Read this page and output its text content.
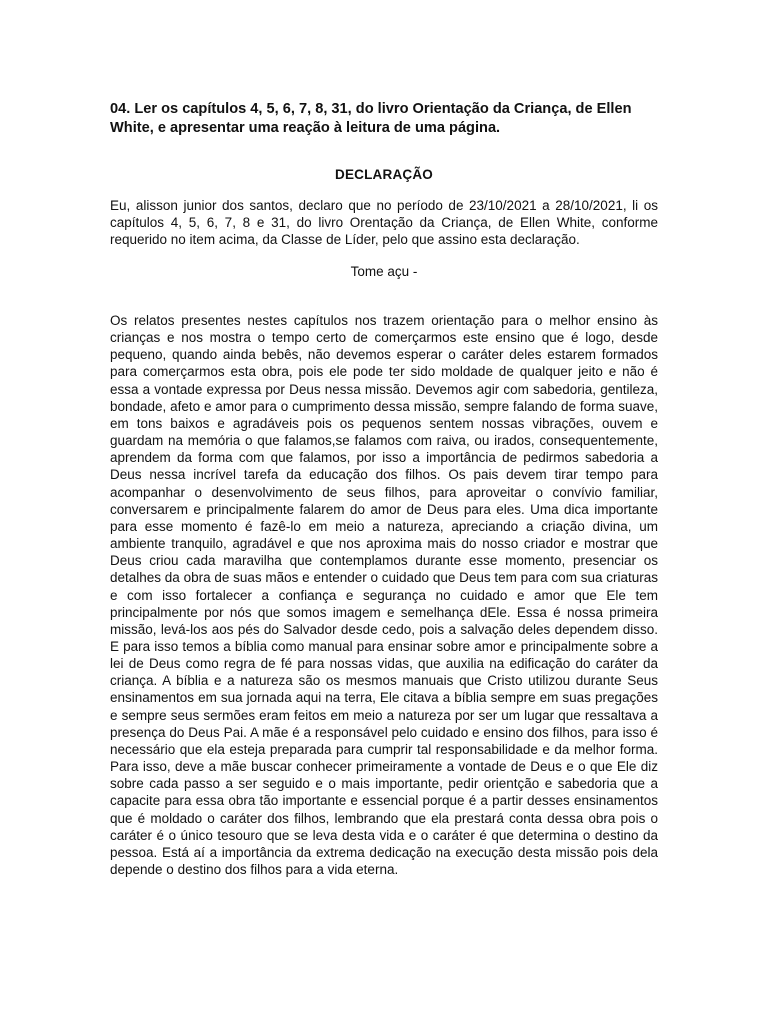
04. Ler os capítulos 4, 5, 6, 7, 8, 31, do livro Orientação da Criança, de Ellen White, e apresentar uma reação à leitura de uma página.

DECLARAÇÃO

Eu, alisson junior dos santos, declaro que no período de 23/10/2021 a 28/10/2021, li os capítulos 4, 5, 6, 7, 8 e 31, do livro Orentação da Criança, de Ellen White, conforme requerido no item acima, da Classe de Líder, pelo que assino esta declaração.

Tome açu -

Os relatos presentes nestes capítulos nos trazem orientação para o melhor ensino às crianças e nos mostra o tempo certo de comerçarmos este ensino que é logo, desde pequeno, quando ainda bebês, não devemos esperar o caráter deles estarem formados para comerçarmos esta obra, pois ele pode ter sido moldade de qualquer jeito e não é essa a vontade expressa por Deus nessa missão. Devemos agir com sabedoria, gentileza, bondade, afeto e amor para o cumprimento dessa missão, sempre falando de forma suave, em tons baixos e agradáveis pois os pequenos sentem nossas vibrações, ouvem e guardam na memória o que falamos,se falamos com raiva, ou irados, consequentemente, aprendem da forma com que falamos, por isso a importância de pedirmos sabedoria a Deus nessa incrível tarefa da educação dos filhos. Os pais devem tirar tempo para acompanhar o desenvolvimento de seus filhos, para aproveitar o convívio familiar, conversarem e principalmente falarem do amor de Deus para eles. Uma dica importante para esse momento é fazê-lo em meio a natureza, apreciando a criação divina, um ambiente tranquilo, agradável e que nos aproxima mais do nosso criador e mostrar que Deus criou cada maravilha que contemplamos durante esse momento, presenciar os detalhes da obra de suas mãos e entender o cuidado que Deus tem para com sua criaturas e com isso fortalecer a confiança e segurança no cuidado e amor que Ele tem principalmente por nós que somos imagem e semelhança dEle. Essa é nossa primeira missão, levá-los aos pés do Salvador desde cedo, pois a salvação deles dependem disso. E para isso temos a bíblia como manual para ensinar sobre amor e principalmente sobre a lei de Deus como regra de fé para nossas vidas, que auxilia na edificação do caráter da criança. A bíblia e a natureza são os mesmos manuais que Cristo utilizou durante Seus ensinamentos em sua jornada aqui na terra, Ele citava a bíblia sempre em suas pregações e sempre seus sermões eram feitos em meio a natureza por ser um lugar que ressaltava a presença do Deus Pai. A mãe é a responsável pelo cuidado e ensino dos filhos, para isso é necessário que ela esteja preparada para cumprir tal responsabilidade e da melhor forma. Para isso, deve a mãe buscar conhecer primeiramente a vontade de Deus e o que Ele diz sobre cada passo a ser seguido e o mais importante, pedir orientção e sabedoria que a capacite para essa obra tão importante e essencial porque é a partir desses ensinamentos que é moldado o caráter dos filhos, lembrando que ela prestará conta dessa obra pois o caráter é o único tesouro que se leva desta vida e o caráter é que determina o destino da pessoa. Está aí a importância da extrema dedicação na execução desta missão pois dela depende o destino dos filhos para a vida eterna.
